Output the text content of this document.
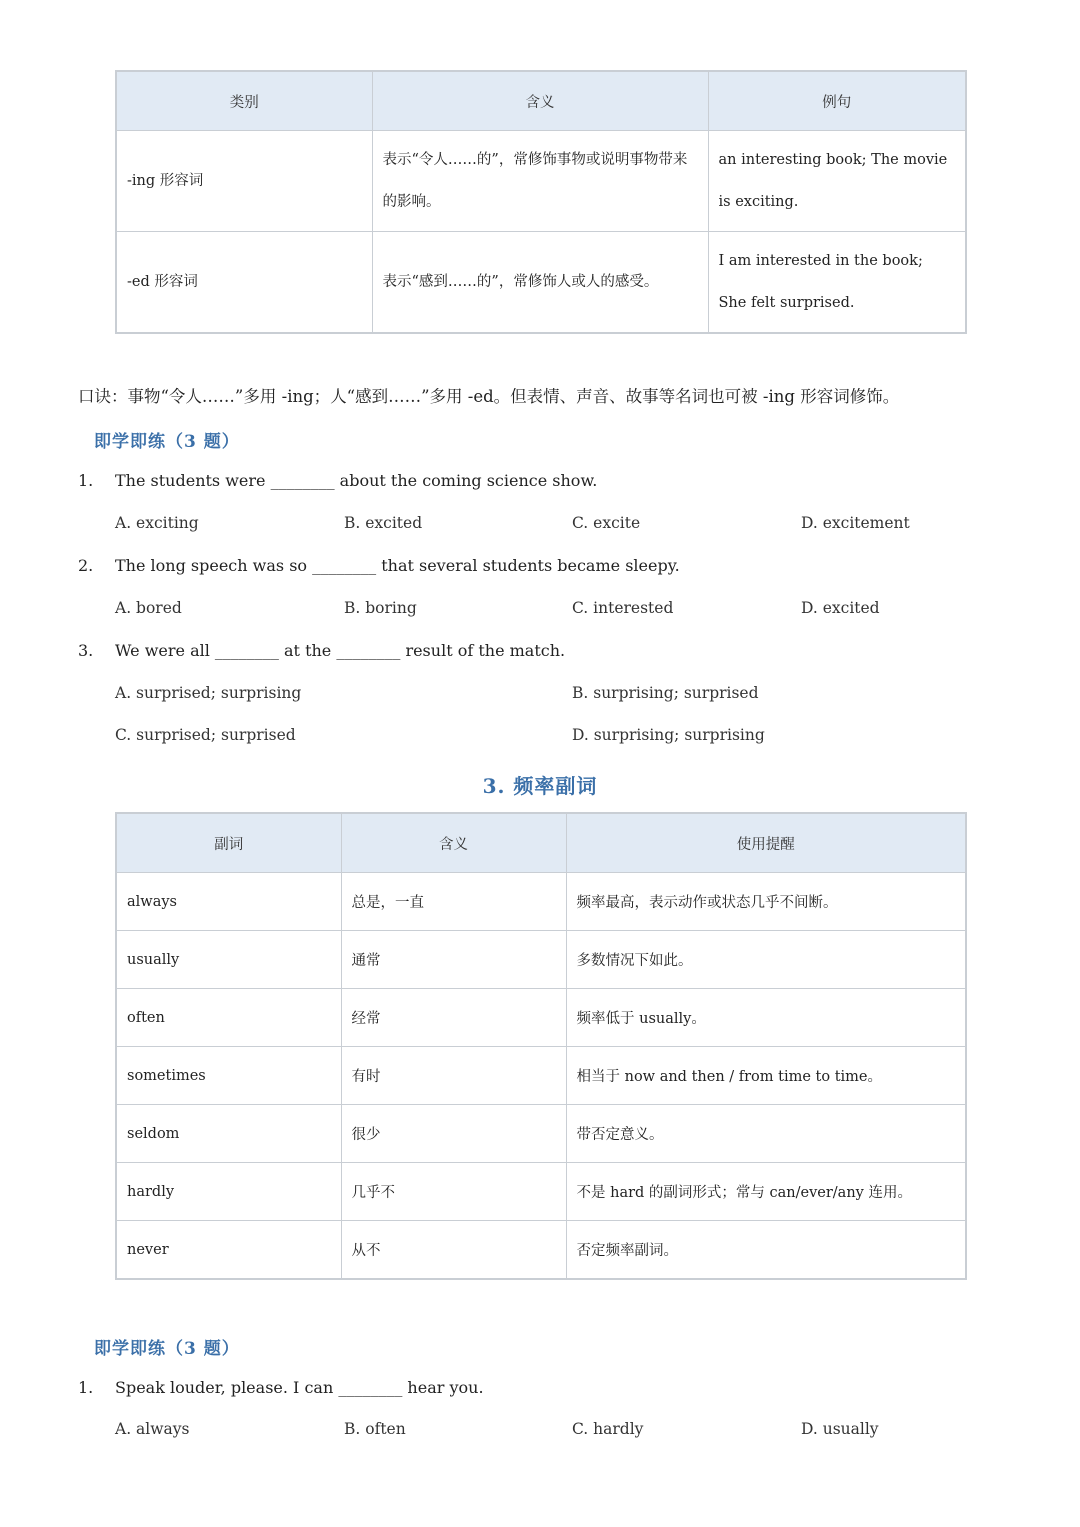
类别	含义	例句
-ing 形容词	表示“令人……的”，常修饰事物或说明事物带来的影响。	an interesting book; The movie is exciting.
-ed 形容词	表示“感到……的”，常修饰人或人的感受。	I am interested in the book; She felt surprised.
口诀：事物“令人……”多用 -ing；人“感到……”多用 -ed。但表情、声音、故事等名词也可被 -ing 形容词修饰。
即学即练（3 题）
1. The students were ________ about the coming science show.
A. exciting	B. excited	C. excite	D. excitement
2. The long speech was so ________ that several students became sleepy.
A. bored	B. boring	C. interested	D. excited
3. We were all ________ at the ________ result of the match.
A. surprised; surprising	B. surprising; surprised
C. surprised; surprised	D. surprising; surprising
3. 频率副词
副词	含义	使用提醒
always	总是，一直	频率最高，表示动作或状态几乎不间断。
usually	通常	多数情况下如此。
often	经常	频率低于 usually。
sometimes	有时	相当于 now and then / from time to time。
seldom	很少	带否定意义。
hardly	几乎不	不是 hard 的副词形式；常与 can/ever/any 连用。
never	从不	否定频率副词。
即学即练（3 题）
1. Speak louder, please. I can ________ hear you.
A. always	B. often	C. hardly	D. usually
